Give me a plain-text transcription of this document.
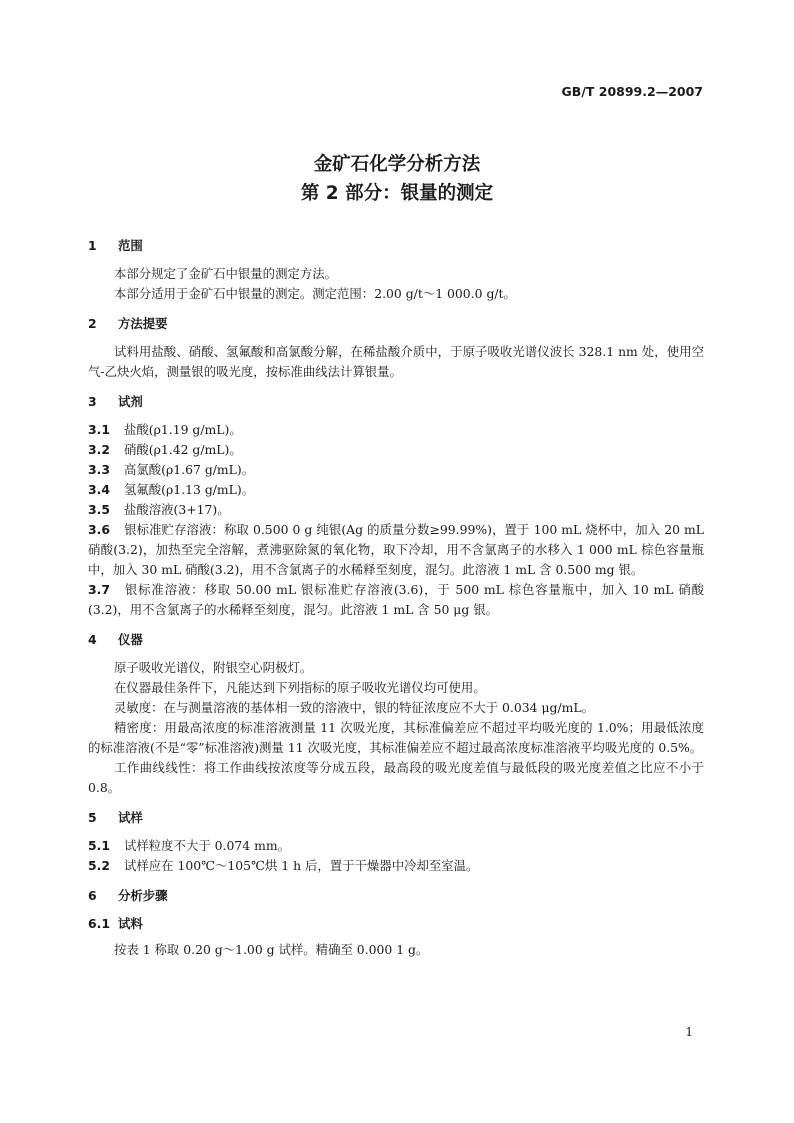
GB/T 20899.2—2007
金矿石化学分析方法
第 2 部分：银量的测定
1 范围
本部分规定了金矿石中银量的测定方法。
本部分适用于金矿石中银量的测定。测定范围：2.00 g/t～1 000.0 g/t。
2 方法提要
试料用盐酸、硝酸、氢氟酸和高氯酸分解，在稀盐酸介质中，于原子吸收光谱仪波长 328.1 nm 处，使用空气-乙炔火焰，测量银的吸光度，按标准曲线法计算银量。
3 试剂
3.1 盐酸(ρ1.19 g/mL)。
3.2 硝酸(ρ1.42 g/mL)。
3.3 高氯酸(ρ1.67 g/mL)。
3.4 氢氟酸(ρ1.13 g/mL)。
3.5 盐酸溶液(3+17)。
3.6 银标准贮存溶液：称取 0.500 0 g 纯银(Ag 的质量分数≥99.99%)，置于 100 mL 烧杯中，加入 20 mL 硝酸(3.2)，加热至完全溶解，煮沸驱除氮的氧化物，取下冷却，用不含氯离子的水移入 1 000 mL 棕色容量瓶中，加入 30 mL 硝酸(3.2)，用不含氯离子的水稀释至刻度，混匀。此溶液 1 mL 含 0.500 mg 银。
3.7 银标准溶液：移取 50.00 mL 银标准贮存溶液(3.6)，于 500 mL 棕色容量瓶中，加入 10 mL 硝酸(3.2)，用不含氯离子的水稀释至刻度，混匀。此溶液 1 mL 含 50 μg 银。
4 仪器
原子吸收光谱仪，附银空心阴极灯。
在仪器最佳条件下，凡能达到下列指标的原子吸收光谱仪均可使用。
灵敏度：在与测量溶液的基体相一致的溶液中，银的特征浓度应不大于 0.034 μg/mL。
精密度：用最高浓度的标准溶液测量 11 次吸光度，其标准偏差应不超过平均吸光度的 1.0%；用最低浓度的标准溶液(不是“零”标准溶液)测量 11 次吸光度，其标准偏差应不超过最高浓度标准溶液平均吸光度的 0.5%。
工作曲线线性：将工作曲线按浓度等分成五段，最高段的吸光度差值与最低段的吸光度差值之比应不小于 0.8。
5 试样
5.1 试样粒度不大于 0.074 mm。
5.2 试样应在 100℃～105℃烘 1 h 后，置于干燥器中冷却至室温。
6 分析步骤
6.1 试料
按表 1 称取 0.20 g～1.00 g 试样。精确至 0.000 1 g。
1
